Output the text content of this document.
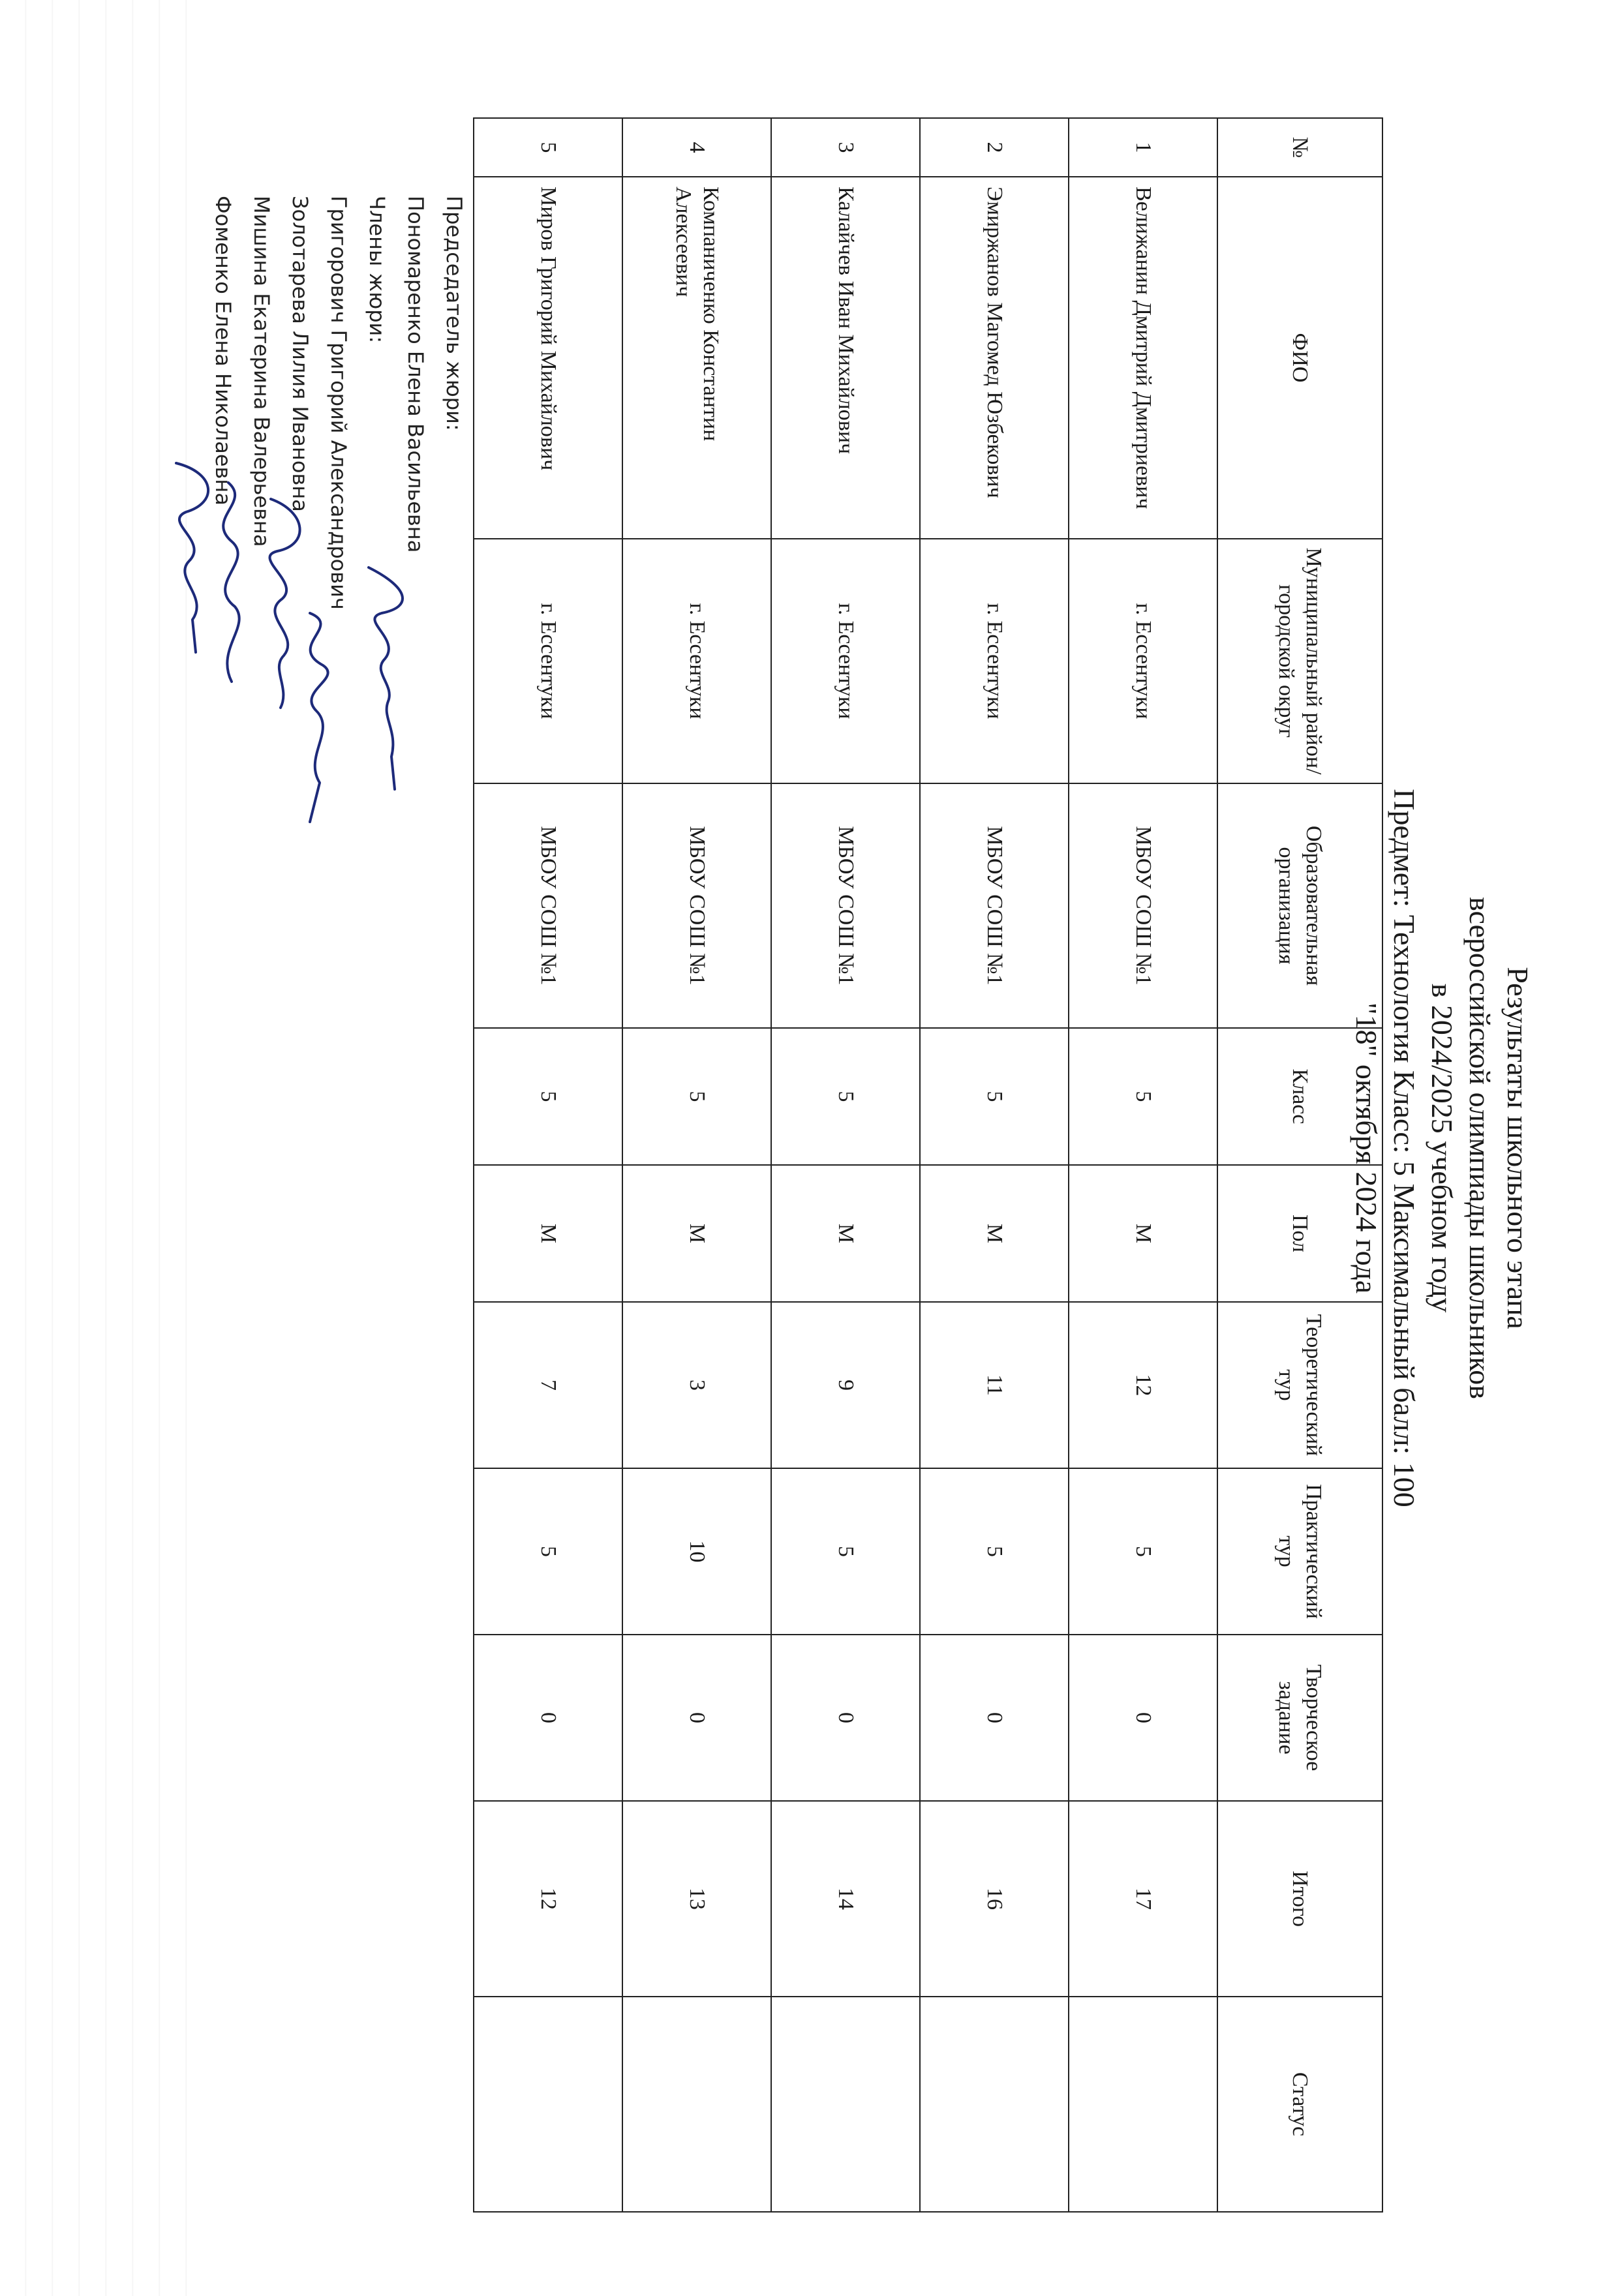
Результаты школьного этапа
всероссийской олимпиады школьников
в 2024/2025 учебном году
Предмет: Технология Класс: 5 Максимальный балл: 100
"18" октября 2024 года
№	ФИО	Муниципальный район/городской округ	Образовательная организация	Класс	Пол	Теоретический тур	Практический тур	Творческое задание	Итого	Статус
1	Велижанин Дмитрий Дмитриевич	г. Ессентуки	МБОУ СОШ №1	5	М	12	5	0	17	
2	Эмиржанов Магомед Юзбекович	г. Ессентуки	МБОУ СОШ №1	5	М	11	5	0	16	
3	Калайчев Иван Михайлович	г. Ессентуки	МБОУ СОШ №1	5	М	9	5	0	14	
4	Компаниченко Константин Алексеевич	г. Ессентуки	МБОУ СОШ №1	5	М	3	10	0	13	
5	Миров Григорий Михайлович	г. Ессентуки	МБОУ СОШ №1	5	М	7	5	0	12	
Председатель жюри:
Пономаренко Елена Васильевна
Члены жюри:
Григорович Григорий Александрович
Золотарева Лилия Ивановна
Мишина Екатерина Валерьевна
Фоменко Елена Николаевна
